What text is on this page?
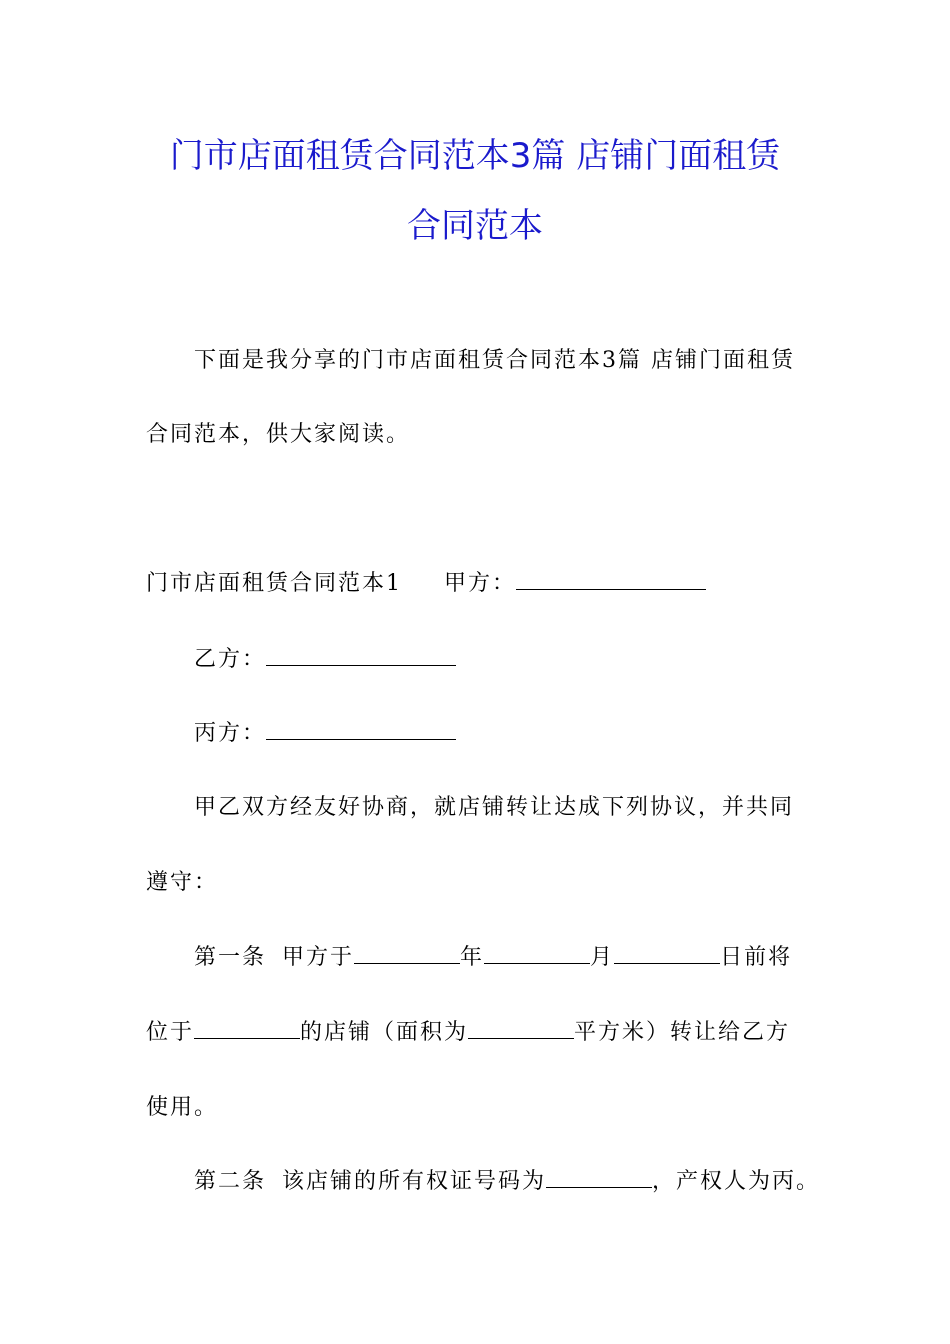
门市店面租赁合同范本3篇 店铺门面租赁
合同范本
下面是我分享的门市店面租赁合同范本3篇 店铺门面租赁
合同范本，供大家阅读。
门市店面租赁合同范本1 甲方：
乙方：
丙方：
甲乙双方经友好协商，就店铺转让达成下列协议，并共同
遵守：
第一条 甲方于	年	月	日前将
位于	的店铺（面积为	平方米）转让给乙方
使用。
第二条 该店铺的所有权证号码为	，产权人为丙。
